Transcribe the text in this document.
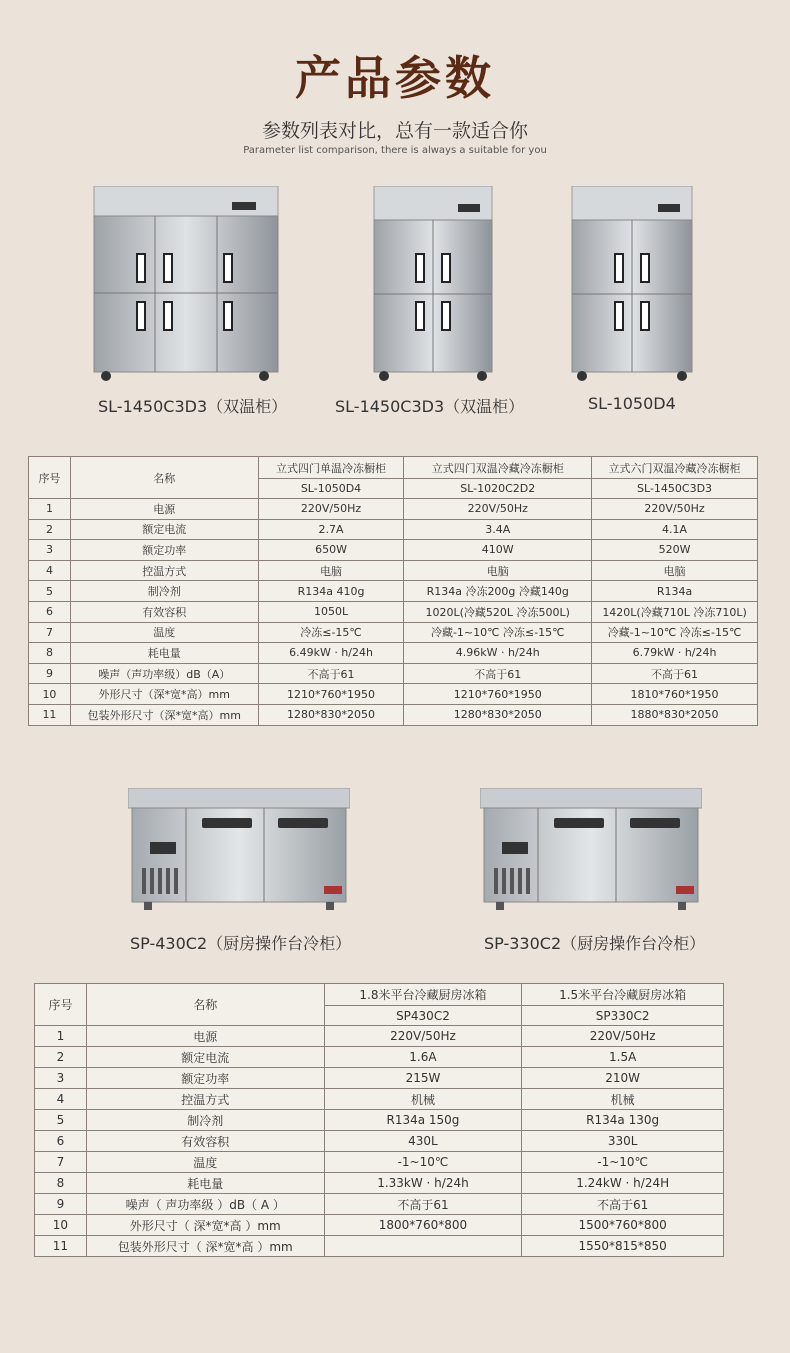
产品参数
参数列表对比，总有一款适合你
Parameter list comparison, there is always a suitable for you
SL-1450C3D3（双温柜）	SL-1450C3D3（双温柜）	SL-1050D4
序号	名称	立式四门单温冷冻橱柜	立式四门双温冷藏冷冻橱柜	立式六门双温冷藏冷冻橱柜
		SL-1050D4	SL-1020C2D2	SL-1450C3D3
1	电源	220V/50Hz	220V/50Hz	220V/50Hz
2	额定电流	2.7A	3.4A	4.1A
3	额定功率	650W	410W	520W
4	控温方式	电脑	电脑	电脑
5	制冷剂	R134a 410g	R134a 冷冻200g 冷藏140g	R134a
6	有效容积	1050L	1020L(冷藏520L 冷冻500L)	1420L(冷藏710L 冷冻710L)
7	温度	冷冻≤-15℃	冷藏-1~10℃ 冷冻≤-15℃	冷藏-1~10℃ 冷冻≤-15℃
8	耗电量	6.49kW · h/24h	4.96kW · h/24h	6.79kW · h/24h
9	噪声（声功率级）dB（A）	不高于61	不高于61	不高于61
10	外形尺寸（深*宽*高）mm	1210*760*1950	1210*760*1950	1810*760*1950
11	包装外形尺寸（深*宽*高）mm	1280*830*2050	1280*830*2050	1880*830*2050
SP-430C2（厨房操作台冷柜）	SP-330C2（厨房操作台冷柜）
序号	名称	1.8米平台冷藏厨房冰箱	1.5米平台冷藏厨房冰箱
		SP430C2	SP330C2
1	电源	220V/50Hz	220V/50Hz
2	额定电流	1.6A	1.5A
3	额定功率	215W	210W
4	控温方式	机械	机械
5	制冷剂	R134a 150g	R134a 130g
6	有效容积	430L	330L
7	温度	-1~10℃	-1~10℃
8	耗电量	1.33kW · h/24h	1.24kW · h/24H
9	噪声（ 声功率级 ）dB（ A ）	不高于61	不高于61
10	外形尺寸（ 深*宽*高 ）mm	1800*760*800	1500*760*800
11	包装外形尺寸（ 深*宽*高 ）mm		1550*815*850
